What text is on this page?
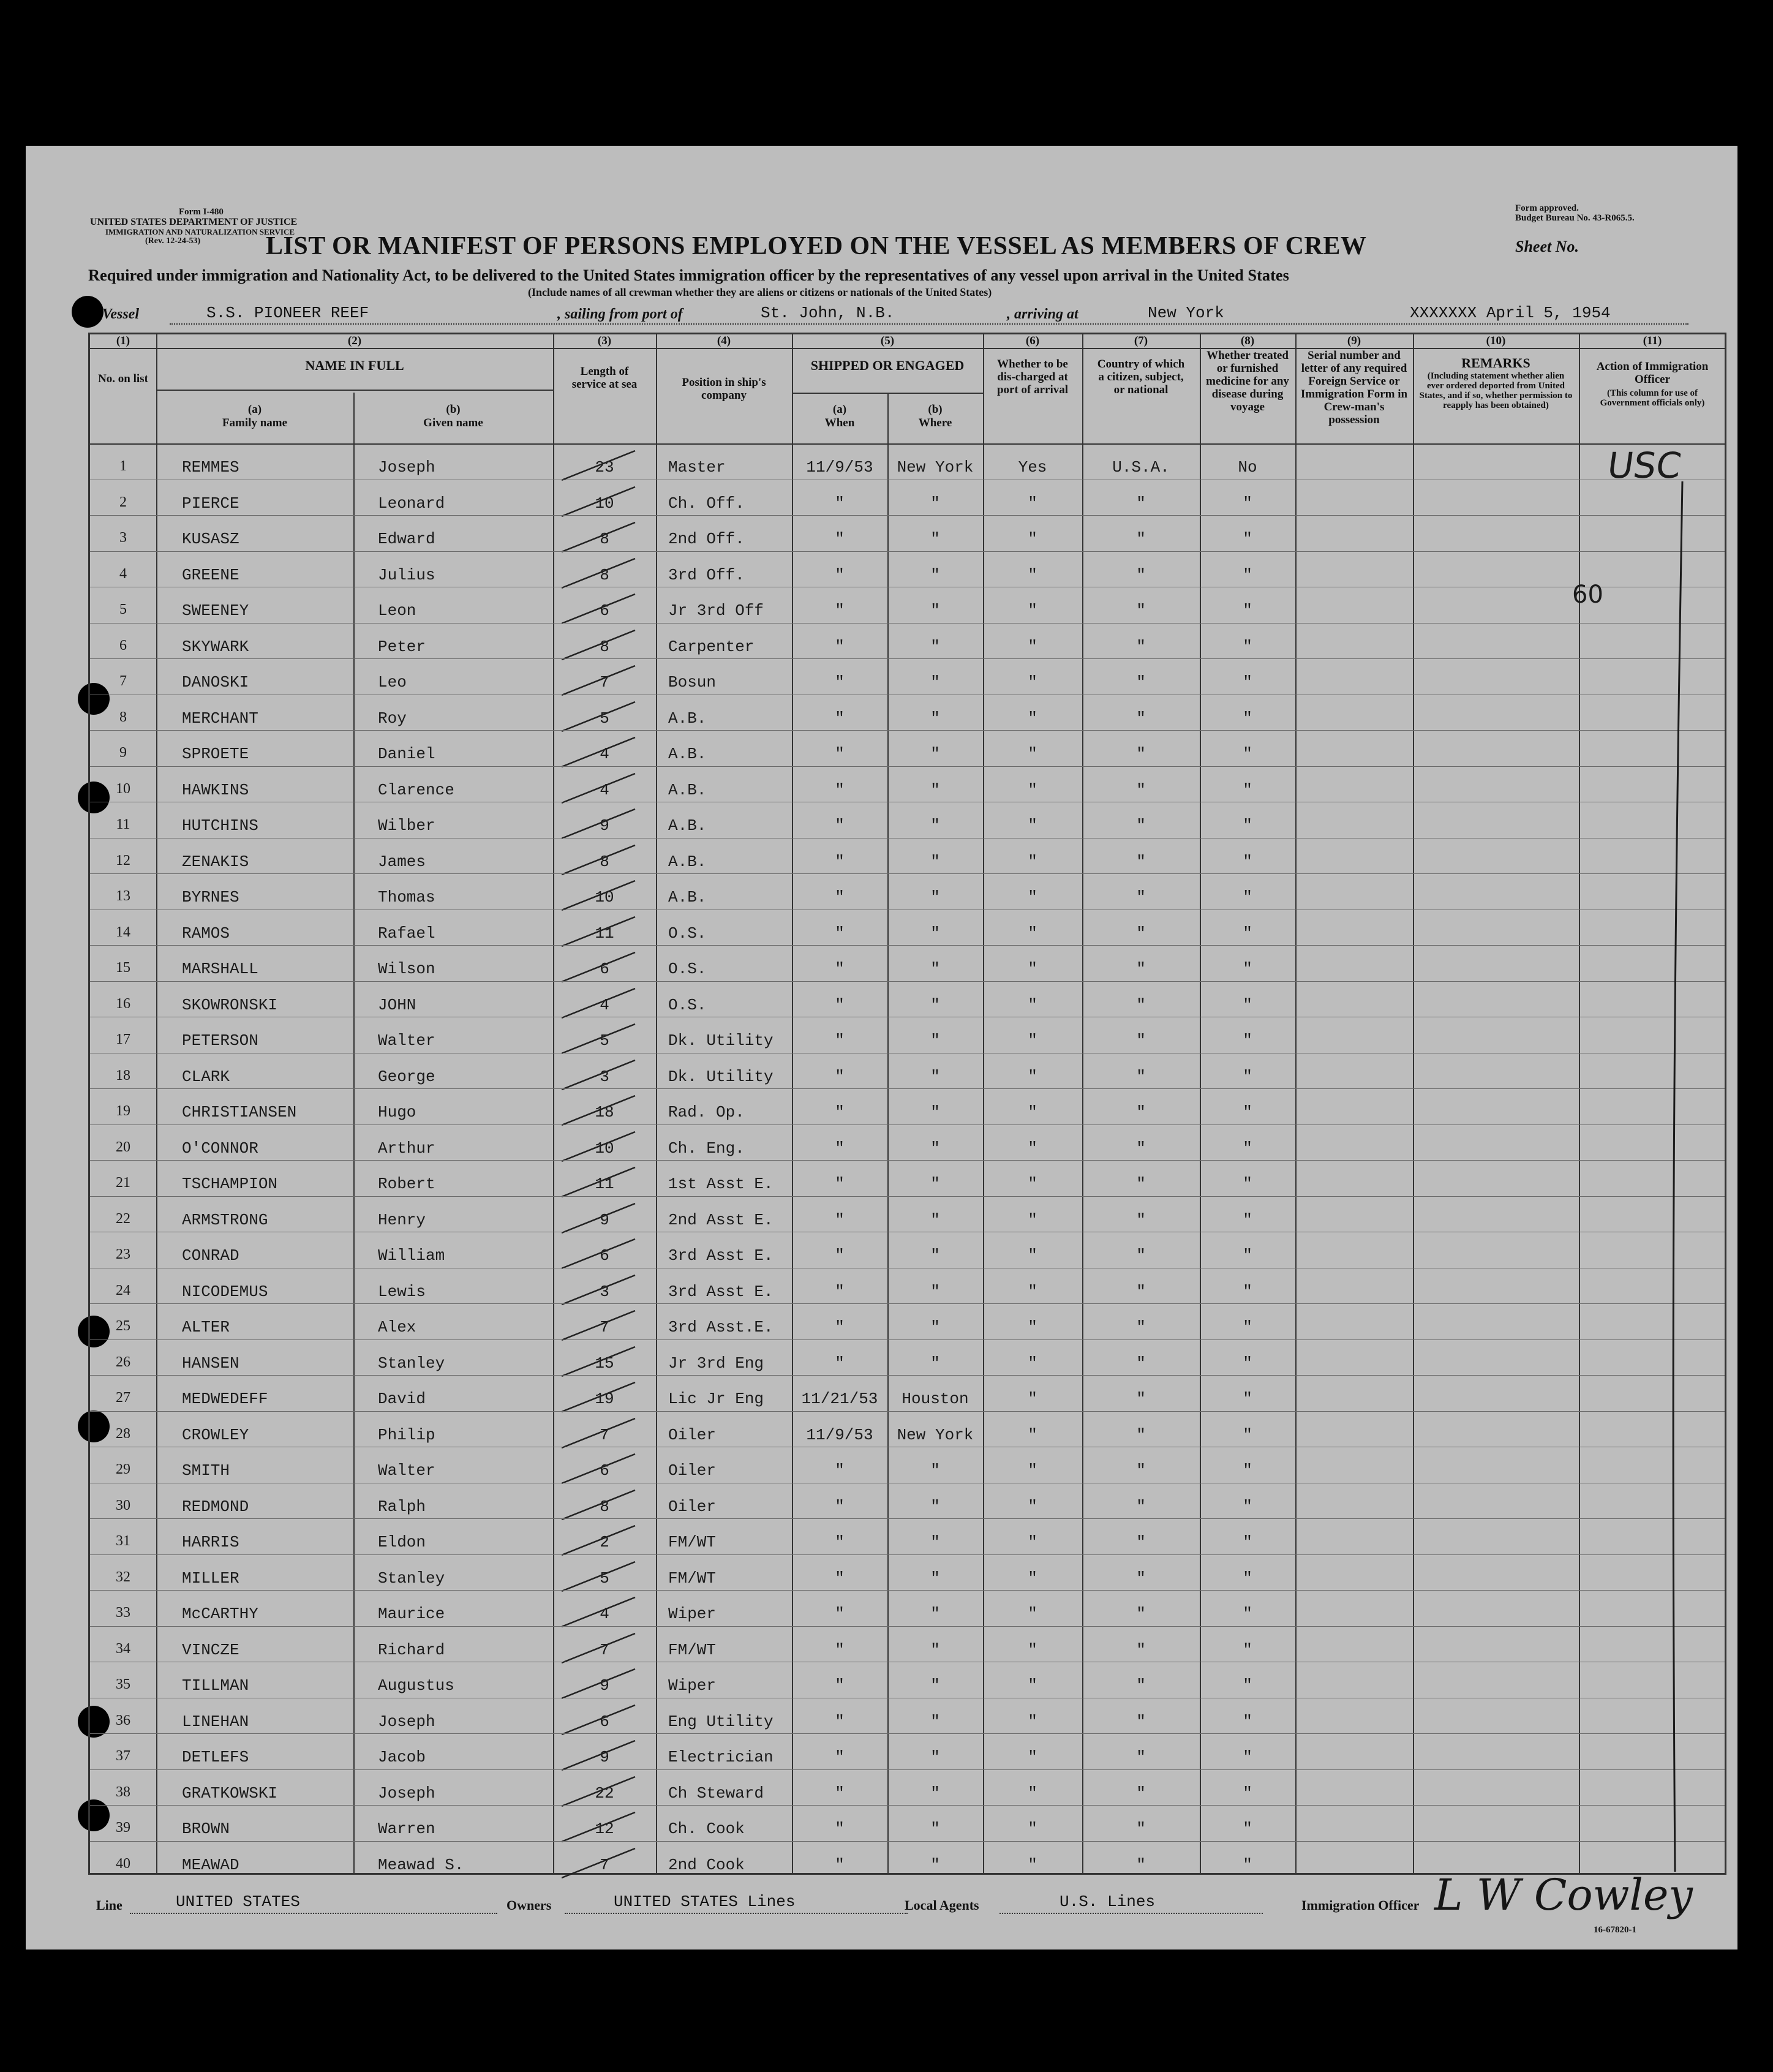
Form I-480
UNITED STATES DEPARTMENT OF JUSTICE
IMMIGRATION AND NATURALIZATION SERVICE
(Rev. 12-24-53)
Form approved.
Budget Bureau No. 43-R065.5.
Sheet No.
LIST OR MANIFEST OF PERSONS EMPLOYED ON THE VESSEL AS MEMBERS OF CREW
Required under immigration and Nationality Act, to be delivered to the United States immigration officer by the representatives of any vessel upon arrival in the United States
(Include names of all crewman whether they are aliens or citizens or nationals of the United States)
Vessel	S.S. PIONEER REEF	, sailing from port of	St. John, N.B.	, arriving at	New York	XXXXXXX April 5, 1954
(1)	(2)	(3)	(4)	(5)	(6)	(7)	(8)	(9)	(10)	(11)
No. on list
NAME IN FULL
(a)
Family name
(b)
Given name
Length of service at sea	Position in ship's company
SHIPPED OR ENGAGED
(a)
When
(b)
Where
Whether to be dis-charged at port of arrival
Country of which a citizen, subject, or national
Whether treated or furnished medicine for any disease during voyage
Serial number and letter of any required Foreign Service or Immigration Form in Crew-man's possession
REMARKS
(Including statement whether alien ever ordered deported from United States, and if so, whether permission to reapply has been obtained)
Action of Immigration Officer
(This column for use of Government officials only)
1	REMMES	Joseph	23	Master	11/9/53	New York	Yes	U.S.A.	No
2	PIERCE	Leonard	10	Ch. Off.	"	"	"	"	"
3	KUSASZ	Edward	8	2nd Off.	"	"	"	"	"
4	GREENE	Julius	8	3rd Off.	"	"	"	"	"
5	SWEENEY	Leon	6	Jr 3rd Off	"	"	"	"	"
6	SKYWARK	Peter	8	Carpenter	"	"	"	"	"
7	DANOSKI	Leo	7	Bosun	"	"	"	"	"
8	MERCHANT	Roy	5	A.B.	"	"	"	"	"
9	SPROETE	Daniel	4	A.B.	"	"	"	"	"
10	HAWKINS	Clarence	4	A.B.	"	"	"	"	"
11	HUTCHINS	Wilber	9	A.B.	"	"	"	"	"
12	ZENAKIS	James	8	A.B.	"	"	"	"	"
13	BYRNES	Thomas	10	A.B.	"	"	"	"	"
14	RAMOS	Rafael	11	O.S.	"	"	"	"	"
15	MARSHALL	Wilson	6	O.S.	"	"	"	"	"
16	SKOWRONSKI	JOHN	4	O.S.	"	"	"	"	"
17	PETERSON	Walter	5	Dk. Utility	"	"	"	"	"
18	CLARK	George	3	Dk. Utility	"	"	"	"	"
19	CHRISTIANSEN	Hugo	18	Rad. Op.	"	"	"	"	"
20	O'CONNOR	Arthur	10	Ch. Eng.	"	"	"	"	"
21	TSCHAMPION	Robert	11	1st Asst E.	"	"	"	"	"
22	ARMSTRONG	Henry	9	2nd Asst E.	"	"	"	"	"
23	CONRAD	William	6	3rd Asst E.	"	"	"	"	"
24	NICODEMUS	Lewis	3	3rd Asst E.	"	"	"	"	"
25	ALTER	Alex	7	3rd Asst.E.	"	"	"	"	"
26	HANSEN	Stanley	15	Jr 3rd Eng	"	"	"	"	"
27	MEDWEDEFF	David	19	Lic Jr Eng	11/21/53	Houston	"	"	"
28	CROWLEY	Philip	7	Oiler	11/9/53	New York	"	"	"
29	SMITH	Walter	6	Oiler	"	"	"	"	"
30	REDMOND	Ralph	8	Oiler	"	"	"	"	"
31	HARRIS	Eldon	2	FM/WT	"	"	"	"	"
32	MILLER	Stanley	5	FM/WT	"	"	"	"	"
33	McCARTHY	Maurice	4	Wiper	"	"	"	"	"
34	VINCZE	Richard	7	FM/WT	"	"	"	"	"
35	TILLMAN	Augustus	9	Wiper	"	"	"	"	"
36	LINEHAN	Joseph	6	Eng Utility	"	"	"	"	"
37	DETLEFS	Jacob	9	Electrician	"	"	"	"	"
38	GRATKOWSKI	Joseph	22	Ch Steward	"	"	"	"	"
39	BROWN	Warren	12	Ch. Cook	"	"	"	"	"
40	MEAWAD	Meawad S.	7	2nd Cook	"	"	"	"	"
USC
60
Line	UNITED STATES	Owners	UNITED STATES Lines	Local Agents	U.S. Lines	Immigration Officer L W Cowley
16-67820-1
